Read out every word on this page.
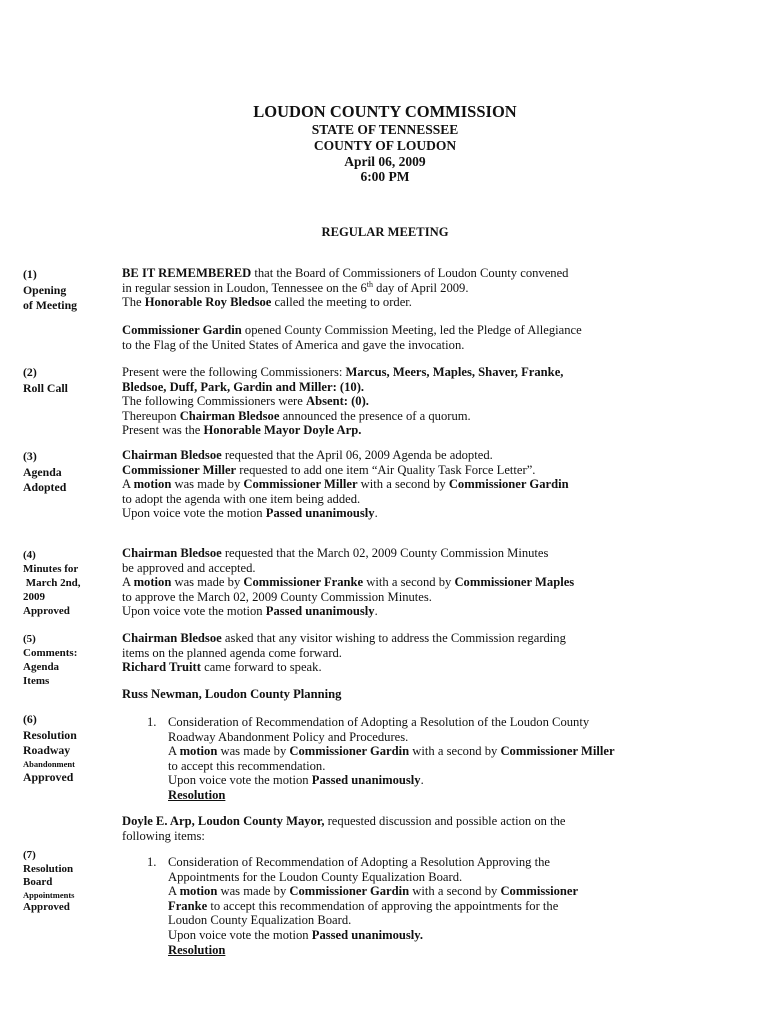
LOUDON COUNTY COMMISSION
STATE OF TENNESSEE
COUNTY OF LOUDON
April 06, 2009
6:00 PM
REGULAR MEETING
(1)
Opening
of Meeting
BE IT REMEMBERED that the Board of Commissioners of Loudon County convened
in regular session in Loudon, Tennessee on the 6th day of April 2009.
The Honorable Roy Bledsoe called the meeting to order.
Commissioner Gardin opened County Commission Meeting, led the Pledge of Allegiance
to the Flag of the United States of America and gave the invocation.
(2)
Roll Call
Present were the following Commissioners: Marcus, Meers, Maples, Shaver, Franke,
Bledsoe, Duff, Park, Gardin and Miller: (10).
The following Commissioners were Absent: (0).
Thereupon Chairman Bledsoe announced the presence of a quorum.
Present was the Honorable Mayor Doyle Arp.
(3)
Agenda
Adopted
Chairman Bledsoe requested that the April 06, 2009 Agenda be adopted.
Commissioner Miller requested to add one item “Air Quality Task Force Letter”.
A motion was made by Commissioner Miller with a second by Commissioner Gardin
to adopt the agenda with one item being added.
Upon voice vote the motion Passed unanimously.
(4)
Minutes for
March 2nd,
2009
Approved
Chairman Bledsoe requested that the March 02, 2009 County Commission Minutes
be approved and accepted.
A motion was made by Commissioner Franke with a second by Commissioner Maples
to approve the March 02, 2009 County Commission Minutes.
Upon voice vote the motion Passed unanimously.
(5)
Comments:
Agenda
Items
Chairman Bledsoe asked that any visitor wishing to address the Commission regarding
items on the planned agenda come forward.
Richard Truitt came forward to speak.
Russ Newman, Loudon County Planning
(6)
Resolution
Roadway
Abandonment
Approved
1. Consideration of Recommendation of Adopting a Resolution of the Loudon County
Roadway Abandonment Policy and Procedures.
A motion was made by Commissioner Gardin with a second by Commissioner Miller
to accept this recommendation.
Upon voice vote the motion Passed unanimously.
Resolution
Doyle E. Arp, Loudon County Mayor, requested discussion and possible action on the
following items:
(7)
Resolution
Board
Appointments
Approved
1. Consideration of Recommendation of Adopting a Resolution Approving the
Appointments for the Loudon County Equalization Board.
A motion was made by Commissioner Gardin with a second by Commissioner
Franke to accept this recommendation of approving the appointments for the
Loudon County Equalization Board.
Upon voice vote the motion Passed unanimously.
Resolution
